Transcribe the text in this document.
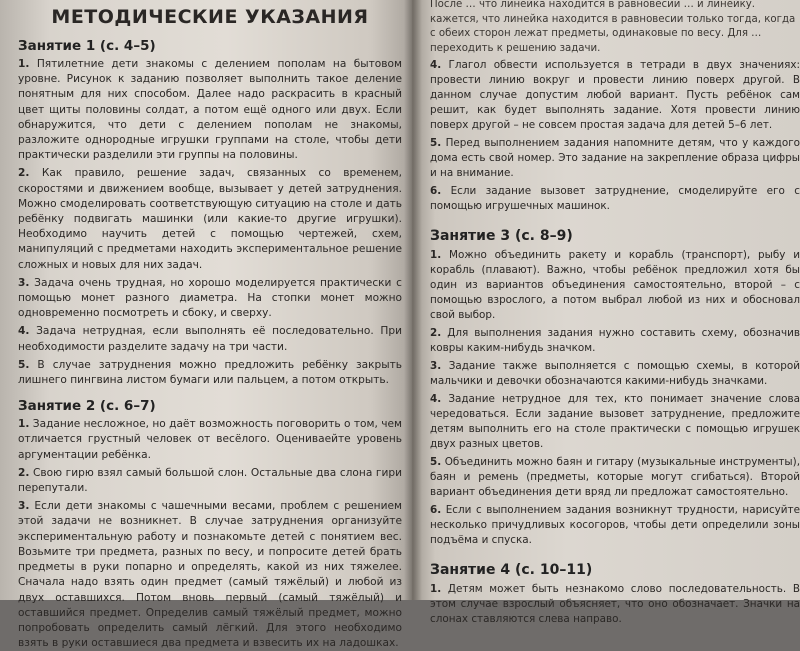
МЕТОДИЧЕСКИЕ УКАЗАНИЯ
Занятие 1 (с. 4–5)
1. Пятилетние дети знакомы с делением пополам на бытовом уровне. Рисунок к заданию позволяет выполнить такое деление понятным для них способом. Далее надо раскрасить в красный цвет щиты половины солдат, а потом ещё одного или двух. Если обнаружится, что дети с делением пополам не знакомы, разложите однородные игрушки группами на столе, чтобы дети практически разделили эти группы на половины.
2. Как правило, решение задач, связанных со временем, скоростями и движением вообще, вызывает у детей затруднения. Можно смоделировать соответствующую ситуацию на столе и дать ребёнку подвигать машинки (или какие-то другие игрушки). Необходимо научить детей с помощью чертежей, схем, манипуляций с предметами находить экспериментальное решение сложных и новых для них задач.
3. Задача очень трудная, но хорошо моделируется практически с помощью монет разного диаметра. На стопки монет можно одновременно посмотреть и сбоку, и сверху.
4. Задача нетрудная, если выполнять её последовательно. При необходимости разделите задачу на три части.
5. В случае затруднения можно предложить ребёнку закрыть лишнего пингвина листом бумаги или пальцем, а потом открыть.
Занятие 2 (с. 6–7)
1. Задание несложное, но даёт возможность поговорить о том, чем отличается грустный человек от весёлого. Оцениваейте уровень аргументации ребёнка.
2. Свою гирю взял самый большой слон. Остальные два слона гири перепутали.
3. Если дети знакомы с чашечными весами, проблем с решением этой задачи не возникнет. В случае затруднения организуйте экспериментальную работу и познакомьте детей с понятием вес. Возьмите три предмета, разных по весу, и попросите детей брать предметы в руки попарно и определять, какой из них тяжелее. Сначала надо взять один предмет (самый тяжёлый) и любой из двух оставшихся. Потом вновь первый (самый тяжёлый) и оставшийся предмет. Определив самый тяжёлый предмет, можно попробовать определить самый лёгкий. Для этого необходимо взять в руки оставшиеся два предмета и взвесить их на ладошках.
После … что линейка находится в равновесии … и линейку. кажется, что линейка находится в равновесии только тогда, когда с обеих сторон лежат предметы, одинаковые по весу. Для … переходить к решению задачи.
4. Глагол обвести используется в тетради в двух значениях: провести линию вокруг и провести линию поверх другой. В данном случае допустим любой вариант. Пусть ребёнок сам решит, как будет выполнять задание. Хотя провести линию поверх другой – не совсем простая задача для детей 5–6 лет.
5. Перед выполнением задания напомните детям, что у каждого дома есть свой номер. Это задание на закрепление образа цифры и на внимание.
6. Если задание вызовет затруднение, смоделируйте его с помощью игрушечных машинок.
Занятие 3 (с. 8–9)
1. Можно объединить ракету и корабль (транспорт), рыбу и корабль (плавают). Важно, чтобы ребёнок предложил хотя бы один из вариантов объединения самостоятельно, второй – с помощью взрослого, а потом выбрал любой из них и обосновал свой выбор.
2. Для выполнения задания нужно составить схему, обозначив ковры каким-нибудь значком.
3. Задание также выполняется с помощью схемы, в которой мальчики и девочки обозначаются какими-нибудь значками.
4. Задание нетрудное для тех, кто понимает значение слова чередоваться. Если задание вызовет затруднение, предложите детям выполнить его на столе практически с помощью игрушек двух разных цветов.
5. Объединить можно баян и гитару (музыкальные инструменты), баян и ремень (предметы, которые могут сгибаться). Второй вариант объединения дети вряд ли предложат самостоятельно.
6. Если с выполнением задания возникнут трудности, нарисуйте несколько причудливых косогоров, чтобы дети определили зоны подъёма и спуска.
Занятие 4 (с. 10–11)
1. Детям может быть незнакомо слово последовательность. В этом случае взрослый объясняет, что оно обозначает. Значки на слонах ставляются слева направо.
